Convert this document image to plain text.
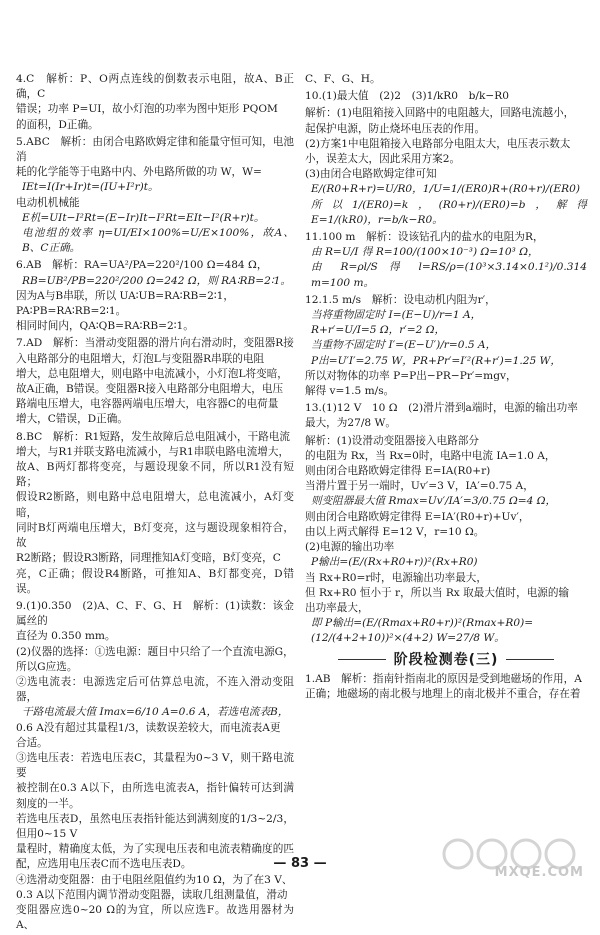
4.C　解析：P、O两点连线的倒数表示电阻，故A、B正确，C
错误；功率 P=UI，故小灯泡的功率为图中矩形 PQOM
的面积，D正确。
5.ABC　解析：由闭合电路欧姆定律和能量守恒可知，电池消
耗的化学能等于电路中内、外电路所做的功 W，W=
IEt=I(Ir+Ir)t=(IU+I²r)t。
电动机机械能
E机=UIt−I²Rt=(E−Ir)It−I²Rt=EIt−I²(R+r)t。
电池组的效率 η=UI/EI×100%=U/E×100%，故A、B、C正确。
6.AB　解析：RA=UA²/PA=220²/100 Ω=484 Ω，
RB=UB²/PB=220²/200 Ω=242 Ω，则 RA∶RB=2∶1。
因为A与B串联，所以 UA∶UB=RA∶RB=2∶1，
PA∶PB=RA∶RB=2∶1。
相同时间内，QA∶QB=RA∶RB=2∶1。
7.AD　解析：当滑动变阻器的滑片向右滑动时，变阻器R接
入电路部分的电阻增大，灯泡L与变阻器R串联的电阻
增大，总电阻增大，则电路中电流减小，小灯泡L将变暗，
故A正确，B错误。变阻器R接入电路部分电阻增大，电压
路端电压增大，电容器两端电压增大，电容器C的电荷量
增大，C错误，D正确。
8.BC　解析：R1短路，发生故障后总电阻减小，干路电流
增大，与R1并联支路电流减小，与R1串联电路电流增大，
故A、B两灯都将变亮，与题设现象不同，所以R1没有短路；
假设R2断路，则电路中总电阻增大，总电流减小，A灯变暗，
同时B灯两端电压增大，B灯变亮，这与题设现象相符合，故
R2断路；假设R3断路，同理推知A灯变暗，B灯变亮，C
亮，C正确；假设R4断路，可推知A、B灯都变亮，D错误。
9.(1)0.350　(2)A、C、F、G、H　解析：(1)读数：该金属丝的
直径为 0.350 mm。
(2)仪器的选择：①选电源：题目中只给了一个直流电源G，
所以G应选。
②选电流表：电源选定后可估算总电流，不连入滑动变阻器，
干路电流最大值 Imax=6/10 A=0.6 A，若选电流表B，
0.6 A没有超过其量程1/3，读数误差较大，而电流表A更
合适。
③选电压表：若选电压表C，其量程为0~3 V，则干路电流要
被控制在0.3 A以下，由所选电流表A，指针偏转可达到满刻度的一半。
若选电压表D，虽然电压表指针能达到满刻度的1/3~2/3，但用0~15 V
量程时，精确度太低，为了实现电压表和电流表精确度的匹配，应选用电压表C而不选电压表D。
④选滑动变阻器：由于电阻丝阻值约为10 Ω，为了在3 V、
0.3 A以下范围内调节滑动变阻器，读取几组测量值，滑动
变阻器应选0~20 Ω的为宜，所以应选F。故选用器材为A、
C、F、G、H。
10.(1)最大值　(2)2　(3)1/kR0　b/k−R0
解析：(1)电阻箱接入回路中的电阻越大，回路电流越小，
起保护电源，防止烧坏电压表的作用。
(2)方案1中电阻箱接入电路部分电阻太大，电压表示数太
小，误差太大，因此采用方案2。
(3)由闭合电路欧姆定律可知
E/(R0+R+r)=U/R0，1/U=1/(ER0)R+(R0+r)/(ER0)
所以1/(ER0)=k，(R0+r)/(ER0)=b，解得 E=1/(kR0)，r=b/k−R0。
11.100 m　解析：设该钻孔内的盐水的电阻为R，
由 R=U/I 得 R=100/(100×10⁻³) Ω=10³ Ω，
由 R=ρl/S 得 l=RS/ρ=(10³×3.14×0.1²)/0.314 m=100 m。
12.1.5 m/s　解析：设电动机内阻为r′，
当将重物固定时 I=(E−U)/r=1 A，
R+r′=U/I=5 Ω，r′=2 Ω，
当重物不固定时 I′=(E−U′)/r=0.5 A，
P出=U′I′=2.75 W，PR+Pr′=I′²(R+r′)=1.25 W，
所以对物体的功率 P=P出−PR−Pr′=mgv，
解得 v=1.5 m/s。
13.(1)12 V　10 Ω　(2)滑片滑到a端时，电源的输出功率
最大，为27/8 W。
解析：(1)设滑动变阻器接入电路部分
的电阻为 Rx，当 Rx=0时，电路中电流 IA=1.0 A，
则由闭合电路欧姆定律得 E=IA(R0+r)
当滑片置于另一端时，Uv′=3 V，IA′=0.75 A，
则变阻器最大值 Rmax=Uv′/IA′=3/0.75 Ω=4 Ω，
则由闭合电路欧姆定律得 E=IA′(R0+r)+Uv′，
由以上两式解得 E=12 V，r=10 Ω。
(2)电源的输出功率
P输出=(E/(Rx+R0+r))²(Rx+R0)
当 Rx+R0=r时，电源输出功率最大，
但 Rx+R0 恒小于 r，所以当 Rx 取最大值时，电源的输
出功率最大，
即 P输出=(E/(Rmax+R0+r))²(Rmax+R0)=
(12/(4+2+10))²×(4+2) W=27/8 W。
阶段检测卷(三)
1.AB　解析：指南针指南北的原因是受到地磁场的作用，A
正确；地磁场的南北极与地理上的南北极并不重合，存在着
— 83 —
MXQE.COM
